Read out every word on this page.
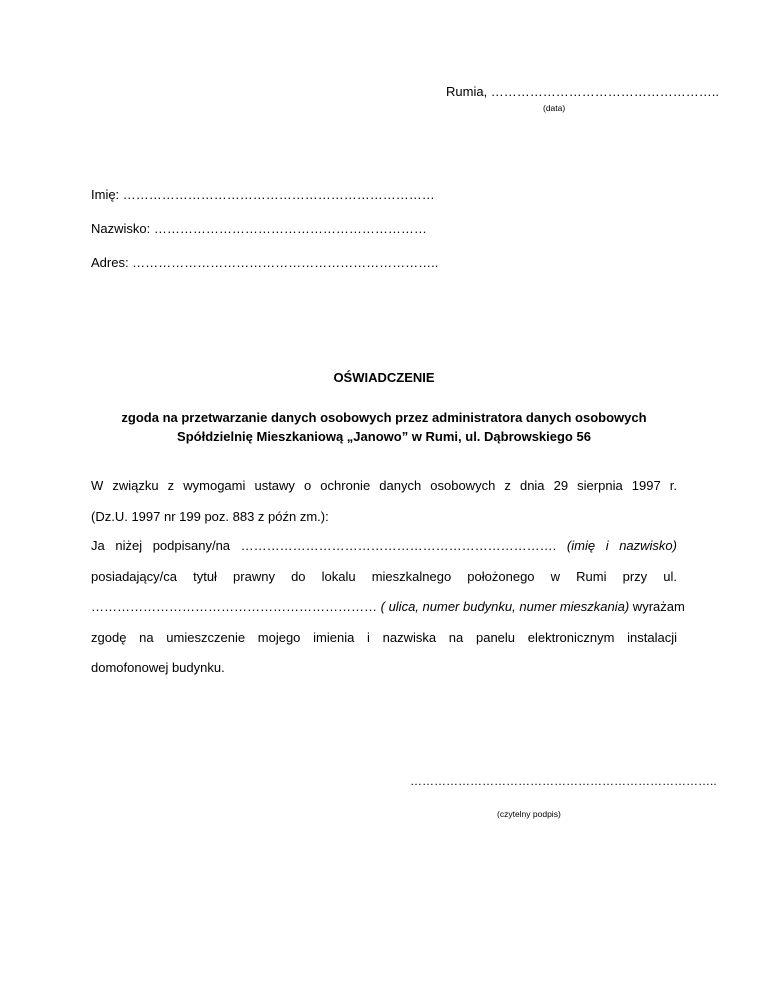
Rumia, ……………………………………………..
(data)
Imię: ………………………………………………………………
Nazwisko: ………………………………………………………
Adres: ……………………………………………………………..
OŚWIADCZENIE
zgoda na przetwarzanie danych osobowych przez administratora danych osobowych
Spółdzielnię Mieszkaniową „Janowo” w Rumi, ul. Dąbrowskiego 56
W związku z wymogami ustawy o ochronie danych osobowych z dnia 29 sierpnia 1997 r.
(Dz.U. 1997 nr 199 poz. 883 z późn zm.):
Ja niżej podpisany/na ………………………………………………………………. (imię i nazwisko)
posiadający/ca tytuł prawny do lokalu mieszkalnego położonego w Rumi przy ul.
………………………………………………………… ( ulica, numer budynku, numer mieszkania) wyrażam
zgodę na umieszczenie mojego imienia i nazwiska na panelu elektronicznym instalacji
domofonowej budynku.
…………………………………………………………………..
(czytelny podpis)
